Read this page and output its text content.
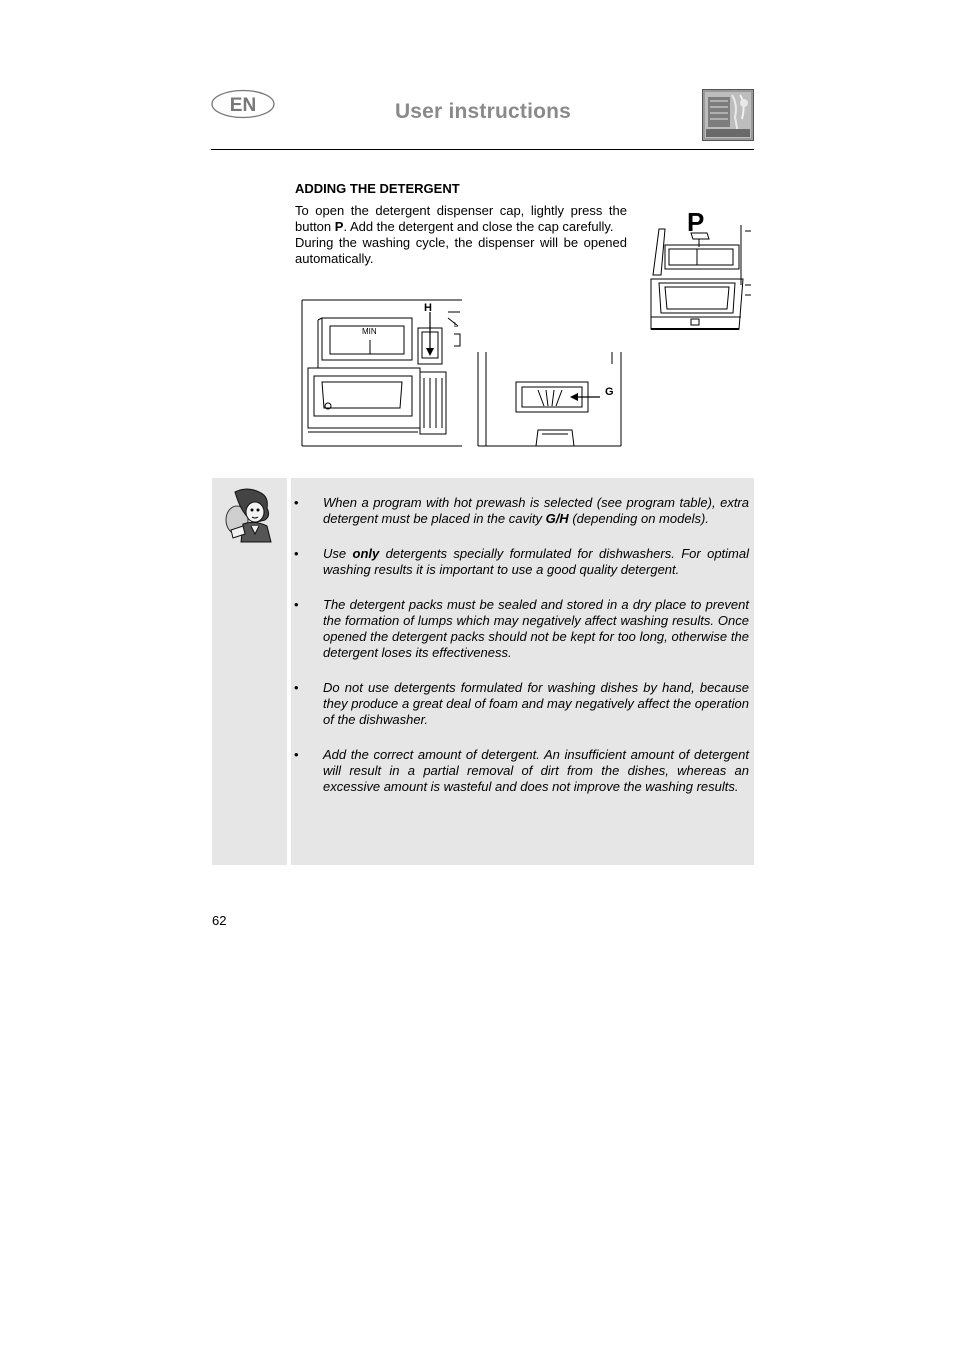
EN	User instructions
ADDING THE DETERGENT

To open the detergent dispenser cap, lightly press the button P. Add the detergent and close the cap carefully.

During the washing cycle, the dispenser will be opened automatically.

P
H
MIN
L
G
• When a program with hot prewash is selected (see program table), extra detergent must be placed in the cavity G/H (depending on models).
• Use only detergents specially formulated for dishwashers. For optimal washing results it is important to use a good quality detergent.
• The detergent packs must be sealed and stored in a dry place to prevent the formation of lumps which may negatively affect washing results. Once opened the detergent packs should not be kept for too long, otherwise the detergent loses its effectiveness.
• Do not use detergents formulated for washing dishes by hand, because they produce a great deal of foam and may negatively affect the operation of the dishwasher.
• Add the correct amount of detergent. An insufficient amount of detergent will result in a partial removal of dirt from the dishes, whereas an excessive amount is wasteful and does not improve the washing results.
62
